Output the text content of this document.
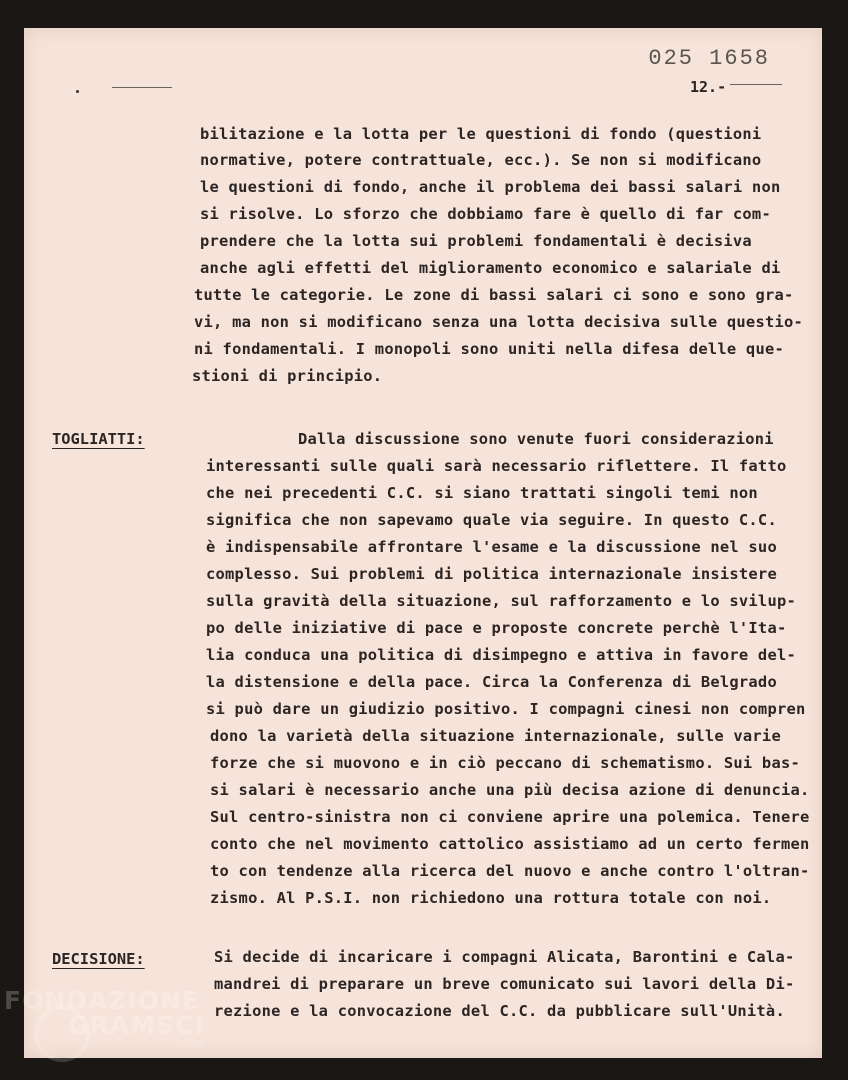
025 1658
12.-
bilitazione e la lotta per le questioni di fondo (questioni
normative, potere contrattuale, ecc.). Se non si modificano
le questioni di fondo, anche il problema dei bassi salari non
si risolve. Lo sforzo che dobbiamo fare è quello di far com-
prendere che la lotta sui problemi fondamentali è decisiva
anche agli effetti del miglioramento economico e salariale di
tutte le categorie. Le zone di bassi salari ci sono e sono gra-
vi, ma non si modificano senza una lotta decisiva sulle questio-
ni fondamentali. I monopoli sono uniti nella difesa delle que-
stioni di principio.
TOGLIATTI:	Dalla discussione sono venute fuori considerazioni
interessanti sulle quali sarà necessario riflettere. Il fatto
che nei precedenti C.C. si siano trattati singoli temi non
significa che non sapevamo quale via seguire. In questo C.C.
è indispensabile affrontare l'esame e la discussione nel suo
complesso. Sui problemi di politica internazionale insistere
sulla gravità della situazione, sul rafforzamento e lo svilup-
po delle iniziative di pace e proposte concrete perchè l'Ita-
lia conduca una politica di disimpegno e attiva in favore del-
la distensione e della pace. Circa la Conferenza di Belgrado
si può dare un giudizio positivo. I compagni cinesi non compren
dono la varietà della situazione internazionale, sulle varie
forze che si muovono e in ciò peccano di schematismo. Sui bas-
si salari è necessario anche una più decisa azione di denuncia.
Sul centro-sinistra non ci conviene aprire una polemica. Tenere
conto che nel movimento cattolico assistiamo ad un certo fermen
to con tendenze alla ricerca del nuovo e anche contro l'oltran-
zismo. Al P.S.I. non richiedono una rottura totale con noi.
DECISIONE:	Si decide di incaricare i compagni Alicata, Barontini e Cala-
mandrei di preparare un breve comunicato sui lavori della Di-
rezione e la convocazione del C.C. da pubblicare sull'Unità.
FONDAZIONE
GRAMSCI
onlus
